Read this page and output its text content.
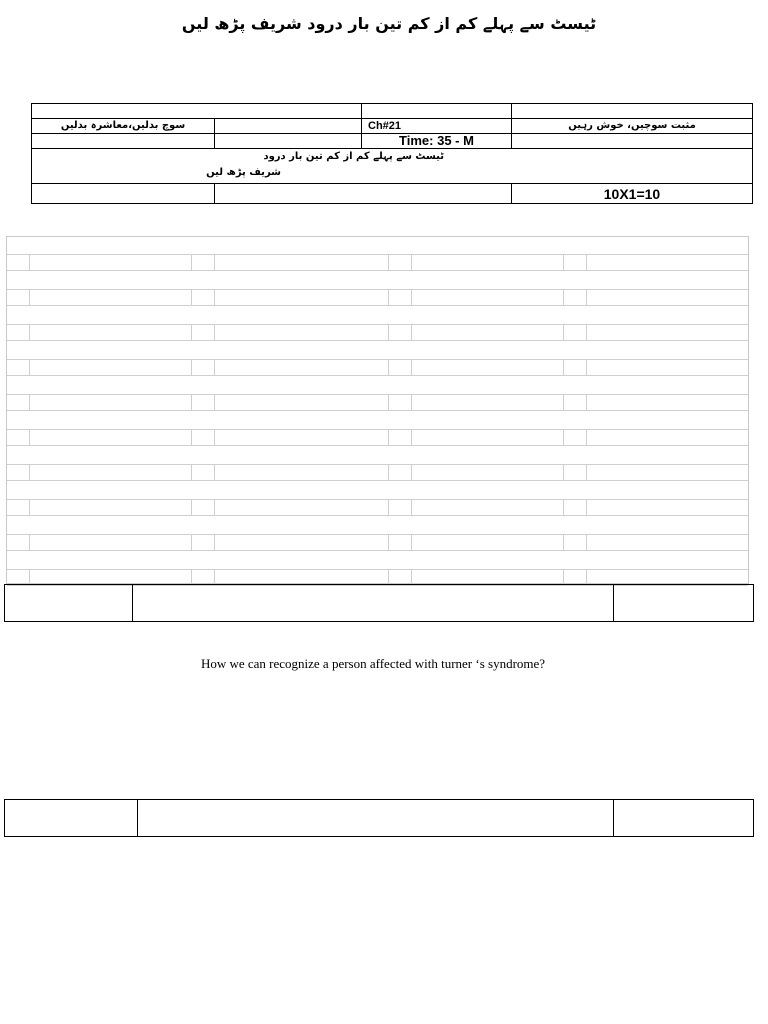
ٹیسٹ سے پہلے کم از کم تین بار درود شریف پڑھ لیں

سوچ بدلیں،معاشرہ بدلیں		Ch#21	مثبت سوچیں، خوش رہیں
		Time: 35 - M	

ٹیسٹ سے پہلے کم از کم تین بار درود
شریف پڑھ لیں			

			10X1=10
How we can recognize a person affected with turner ‘s syndrome?
